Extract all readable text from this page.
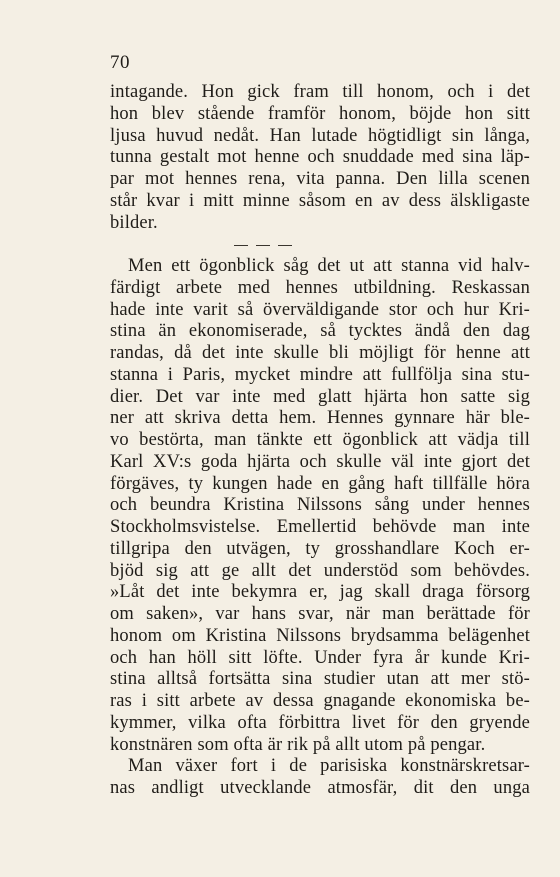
70
intagande. Hon gick fram till honom, och i det
hon blev stående framför honom, böjde hon sitt
ljusa huvud nedåt. Han lutade högtidligt sin långa,
tunna gestalt mot henne och snuddade med sina läp-
par mot hennes rena, vita panna. Den lilla scenen
står kvar i mitt minne såsom en av dess älskligaste
bilder.
Men ett ögonblick såg det ut att stanna vid halv-
färdigt arbete med hennes utbildning. Reskassan
hade inte varit så överväldigande stor och hur Kri-
stina än ekonomiserade, så tycktes ändå den dag
randas, då det inte skulle bli möjligt för henne att
stanna i Paris, mycket mindre att fullfölja sina stu-
dier. Det var inte med glatt hjärta hon satte sig
ner att skriva detta hem. Hennes gynnare här ble-
vo bestörta, man tänkte ett ögonblick att vädja till
Karl XV:s goda hjärta och skulle väl inte gjort det
förgäves, ty kungen hade en gång haft tillfälle höra
och beundra Kristina Nilssons sång under hennes
Stockholmsvistelse. Emellertid behövde man inte
tillgripa den utvägen, ty grosshandlare Koch er-
bjöd sig att ge allt det understöd som behövdes.
»Låt det inte bekymra er, jag skall draga försorg
om saken», var hans svar, när man berättade för
honom om Kristina Nilssons brydsamma belägenhet
och han höll sitt löfte. Under fyra år kunde Kri-
stina alltså fortsätta sina studier utan att mer stö-
ras i sitt arbete av dessa gnagande ekonomiska be-
kymmer, vilka ofta förbittra livet för den gryende
konstnären som ofta är rik på allt utom på pengar.
Man växer fort i de parisiska konstnärskretsar-
nas andligt utvecklande atmosfär, dit den unga
